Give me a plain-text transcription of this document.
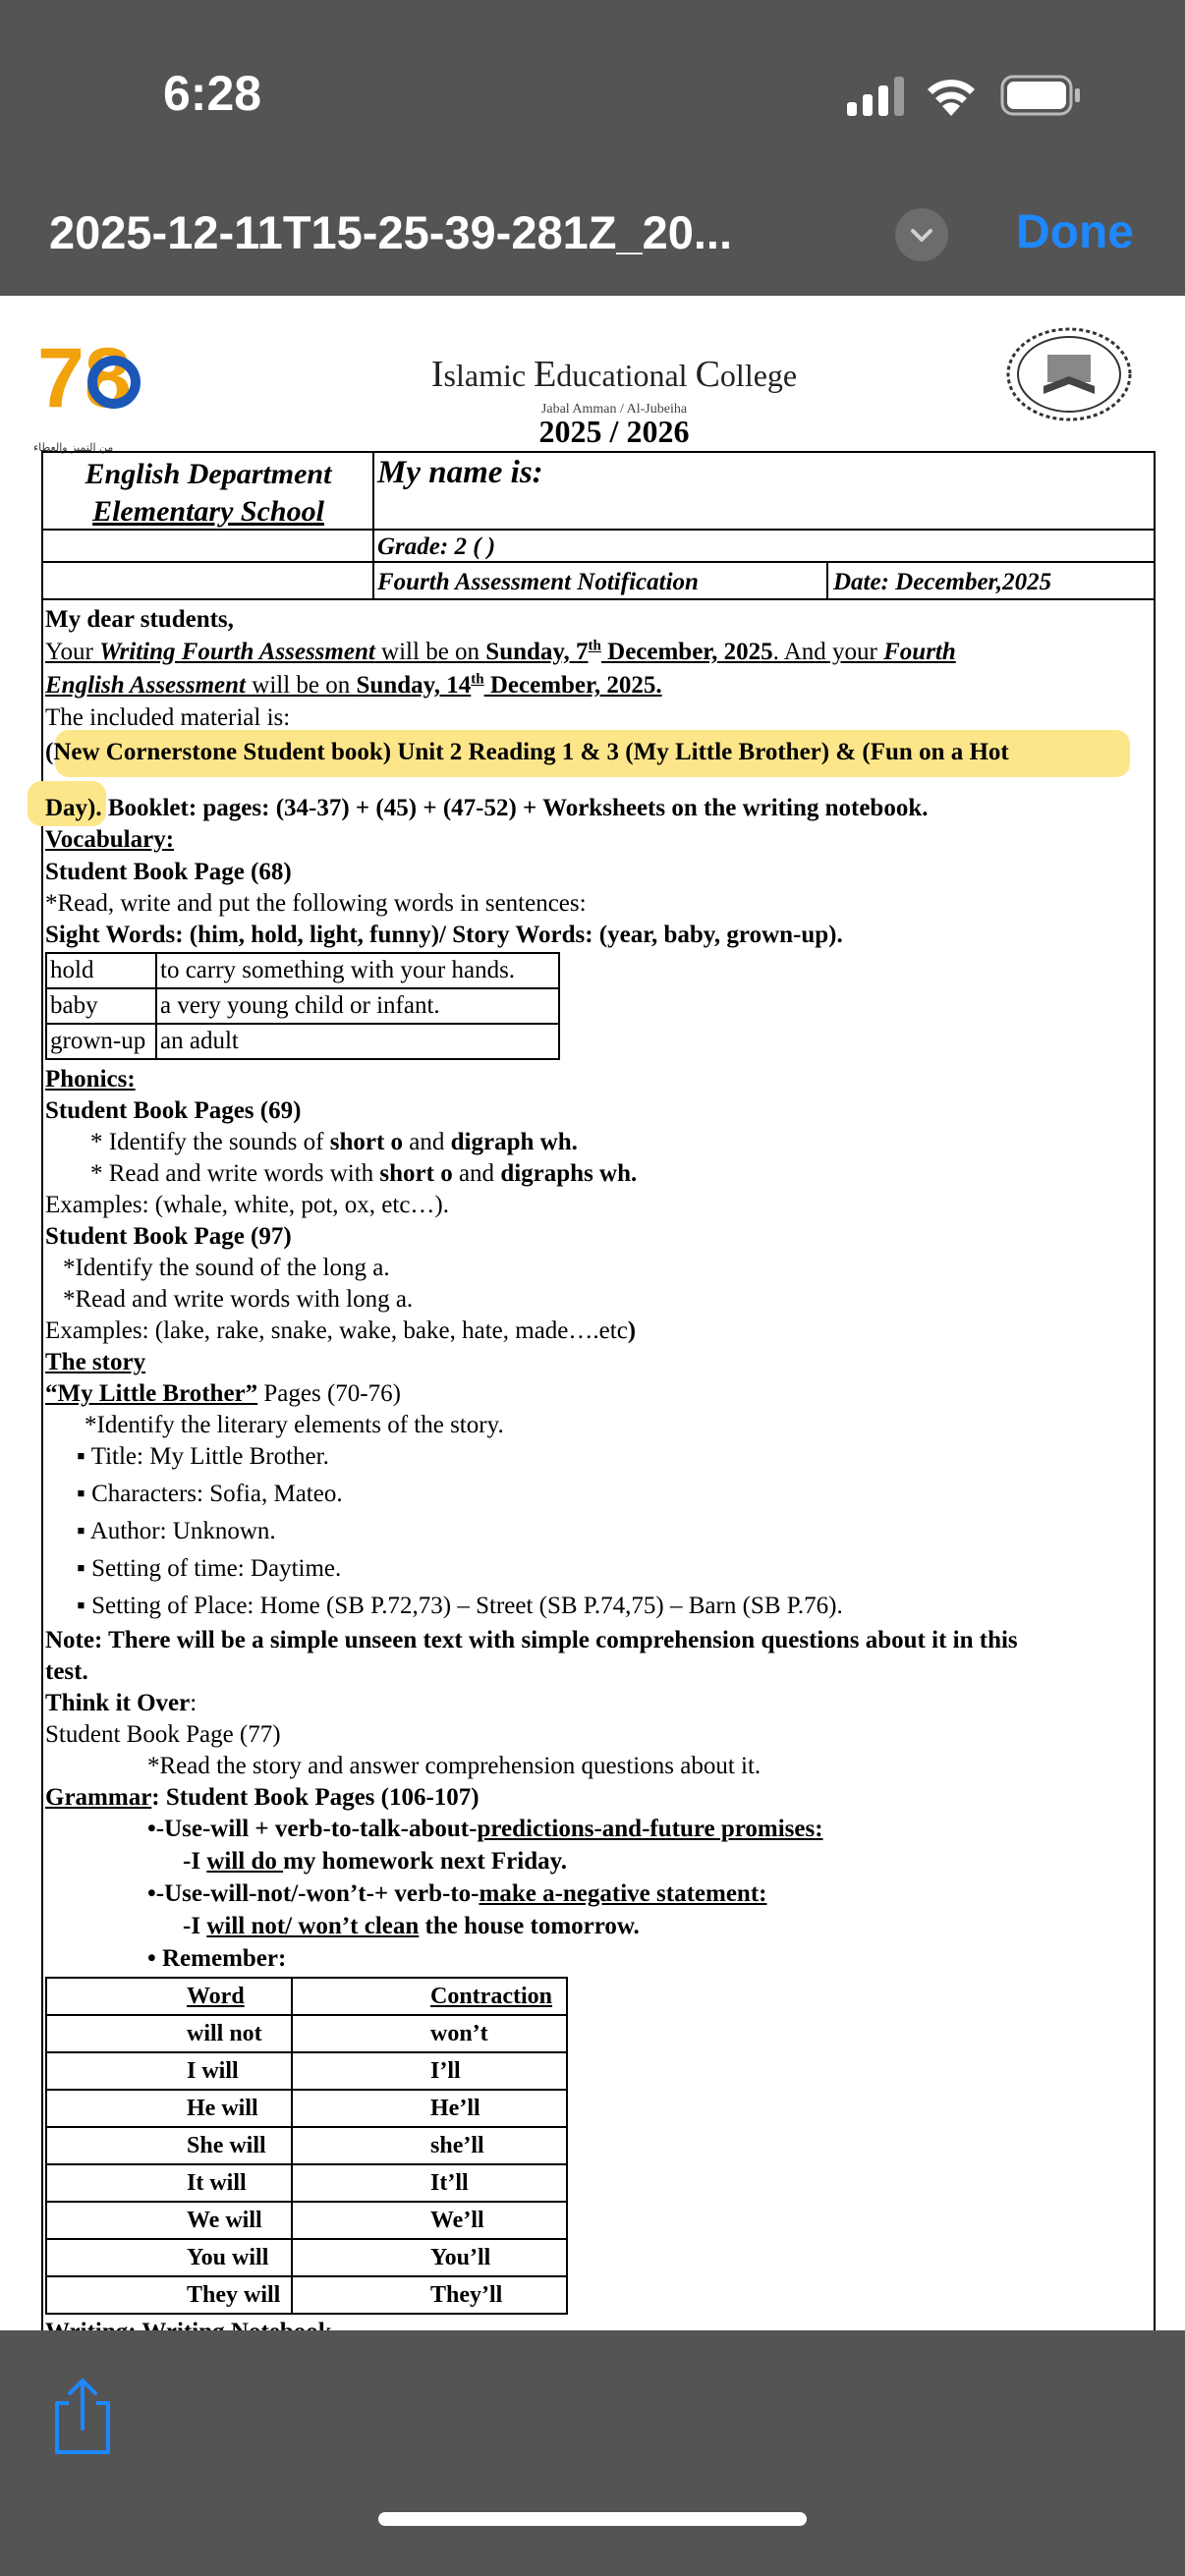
6:28
2025-12-11T15-25-39-281Z_20...	Done
78
من التميز والعطاء
Islamic Educational College
Jabal Amman / Al-Jubeiha
2025 / 2026
English Department
Elementary School
My name is:
Grade: 2 ( )
Fourth Assessment Notification	Date: December,2025
My dear students,
Your Writing Fourth Assessment will be on Sunday, 7th December, 2025. And your Fourth
English Assessment will be on Sunday, 14th December, 2025.
The included material is:
(New Cornerstone Student book) Unit 2 Reading 1 & 3 (My Little Brother) & (Fun on a Hot
Day). Booklet: pages: (34-37) + (45) + (47-52) + Worksheets on the writing notebook.
Vocabulary:
Student Book Page (68)
*Read, write and put the following words in sentences:
Sight Words: (him, hold, light, funny)/ Story Words: (year, baby, grown-up).
hold	to carry something with your hands.
baby	a very young child or infant.
grown-up	an adult
Phonics:
Student Book Pages (69)
* Identify the sounds of short o and digraph wh.
* Read and write words with short o and digraphs wh.
Examples: (whale, white, pot, ox, etc…).
Student Book Page (97)
*Identify the sound of the long a.
*Read and write words with long a.
Examples: (lake, rake, snake, wake, bake, hate, made….etc)
The story
“My Little Brother” Pages (70-76)
*Identify the literary elements of the story.
▪ Title: My Little Brother.
▪ Characters: Sofia, Mateo.
▪ Author: Unknown.
▪ Setting of time: Daytime.
▪ Setting of Place: Home (SB P.72,73) – Street (SB P.74,75) – Barn (SB P.76).
Note: There will be a simple unseen text with simple comprehension questions about it in this
test.
Think it Over:
Student Book Page (77)
*Read the story and answer comprehension questions about it.
Grammar: Student Book Pages (106-107)
•-Use-will + verb-to-talk-about-predictions-and-future promises:
-I will do my homework next Friday.
•-Use-will-not/-won’t-+ verb-to-make a-negative statement:
-I will not/ won’t clean the house tomorrow.
• Remember:
Word	Contraction
will not	won’t
I will	I’ll
He will	He’ll
She will	she’ll
It will	It’ll
We will	We’ll
You will	You’ll
They will	They’ll
